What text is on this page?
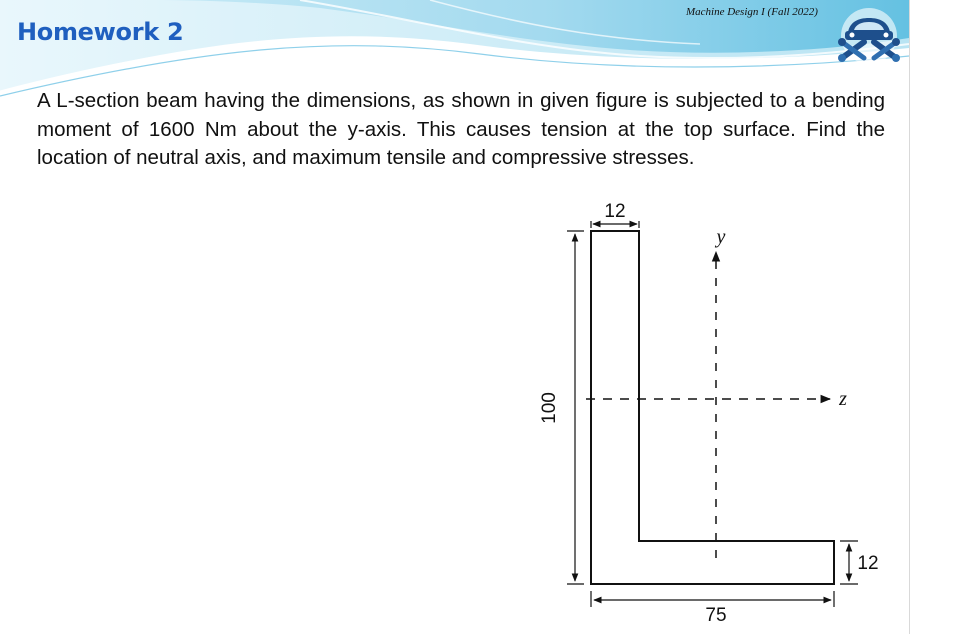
Machine Design I (Fall 2022)
Homework 2
A L-section beam having the dimensions, as shown in given figure is subjected to a bending moment of 1600 Nm about the y-axis. This causes tension at the top surface. Find the location of neutral axis, and maximum tensile and compressive stresses.
12
100
12
75
y
z
